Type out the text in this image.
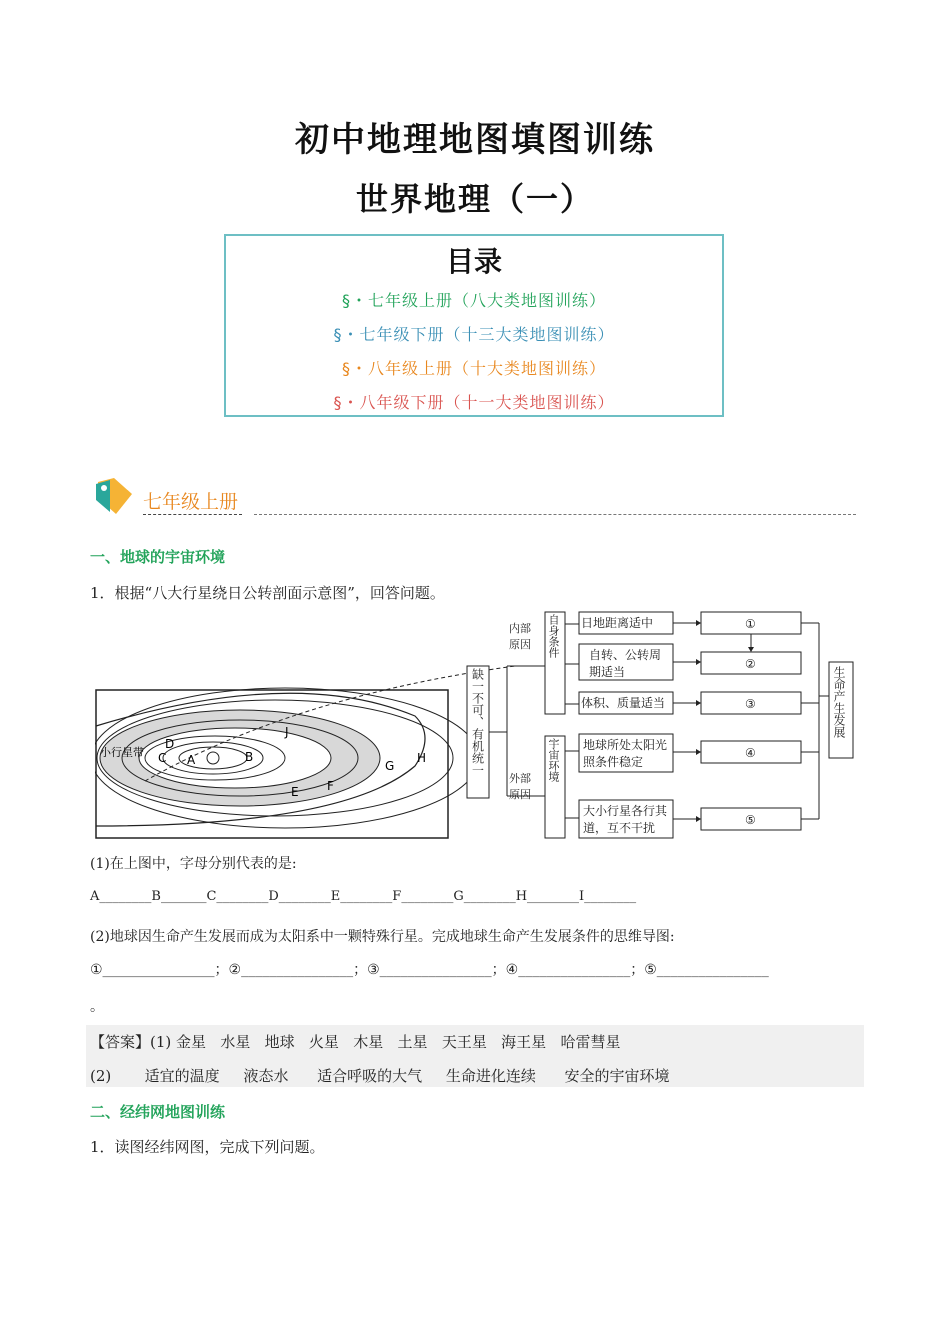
初中地理地图填图训练
世界地理（一）
目录
§・七年级上册（八大类地图训练）
§・七年级下册（十三大类地图训练）
§・八年级上册（十大类地图训练）
§・八年级下册（十一大类地图训练）
七年级上册
一、地球的宇宙环境
1．根据“八大行星绕日公转剖面示意图”，回答问题。
C
D
A	B
E F
G
H
J
小行星带	缺一不可、有机统一
内部原因
外部原因
自身条件
宇宙环境
日地距离适中
自转、公转周期适当
体积、质量适当
地球所处太阳光照条件稳定
大小行星各行其道，互不干扰
①
②
③
④
⑤
生命产生发展
(1)在上图中，字母分别代表的是:
A________B_______C________D________E________F________G________H________I________
(2)地球因生命产生发展而成为太阳系中一颗特殊行星。完成地球生命产生发展条件的思维导图:
①________________；②________________；③________________；④________________；⑤________________
。
【答案】(1) 金星   水星   地球   火星   木星   土星   天王星   海王星   哈雷彗星
(2)       适宜的温度     液态水      适合呼吸的大气     生命进化连续      安全的宇宙环境
二、经纬网地图训练
1．读图经纬网图，完成下列问题。
